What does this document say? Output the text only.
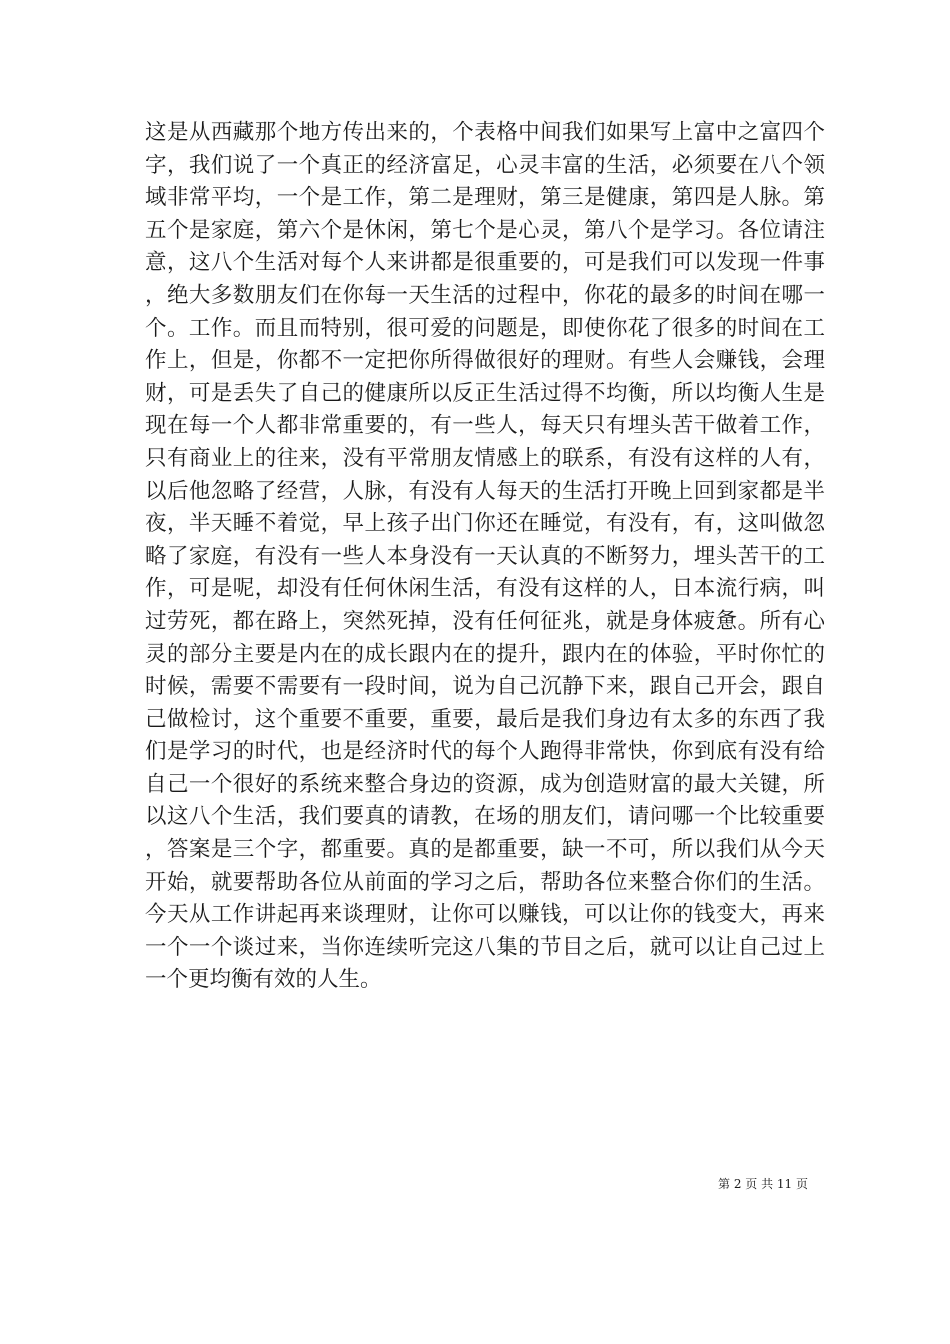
这是从西藏那个地方传出来的，个表格中间我们如果写上富中之富四个字，我们说了一个真正的经济富足，心灵丰富的生活，必须要在八个领域非常平均，一个是工作，第二是理财，第三是健康，第四是人脉。第五个是家庭，第六个是休闲，第七个是心灵，第八个是学习。各位请注意，这八个生活对每个人来讲都是很重要的，可是我们可以发现一件事，绝大多数朋友们在你每一天生活的过程中，你花的最多的时间在哪一个。工作。而且而特别，很可爱的问题是，即使你花了很多的时间在工作上，但是，你都不一定把你所得做很好的理财。有些人会赚钱，会理财，可是丢失了自己的健康所以反正生活过得不均衡，所以均衡人生是现在每一个人都非常重要的，有一些人，每天只有埋头苦干做着工作，只有商业上的往来，没有平常朋友情感上的联系，有没有这样的人有，以后他忽略了经营，人脉，有没有人每天的生活打开晚上回到家都是半夜，半天睡不着觉，早上孩子出门你还在睡觉，有没有，有，这叫做忽略了家庭，有没有一些人本身没有一天认真的不断努力，埋头苦干的工作，可是呢，却没有任何休闲生活，有没有这样的人，日本流行病，叫过劳死，都在路上，突然死掉，没有任何征兆，就是身体疲惫。所有心灵的部分主要是内在的成长跟内在的提升，跟内在的体验，平时你忙的时候，需要不需要有一段时间，说为自己沉静下来，跟自己开会，跟自己做检讨，这个重要不重要，重要，最后是我们身边有太多的东西了我们是学习的时代，也是经济时代的每个人跑得非常快，你到底有没有给自己一个很好的系统来整合身边的资源，成为创造财富的最大关键，所以这八个生活，我们要真的请教，在场的朋友们，请问哪一个比较重要，答案是三个字，都重要。真的是都重要，缺一不可，所以我们从今天开始，就要帮助各位从前面的学习之后，帮助各位来整合你们的生活。今天从工作讲起再来谈理财，让你可以赚钱，可以让你的钱变大，再来一个一个谈过来，当你连续听完这八集的节目之后，就可以让自己过上一个更均衡有效的人生。

第 2 页 共 11 页
